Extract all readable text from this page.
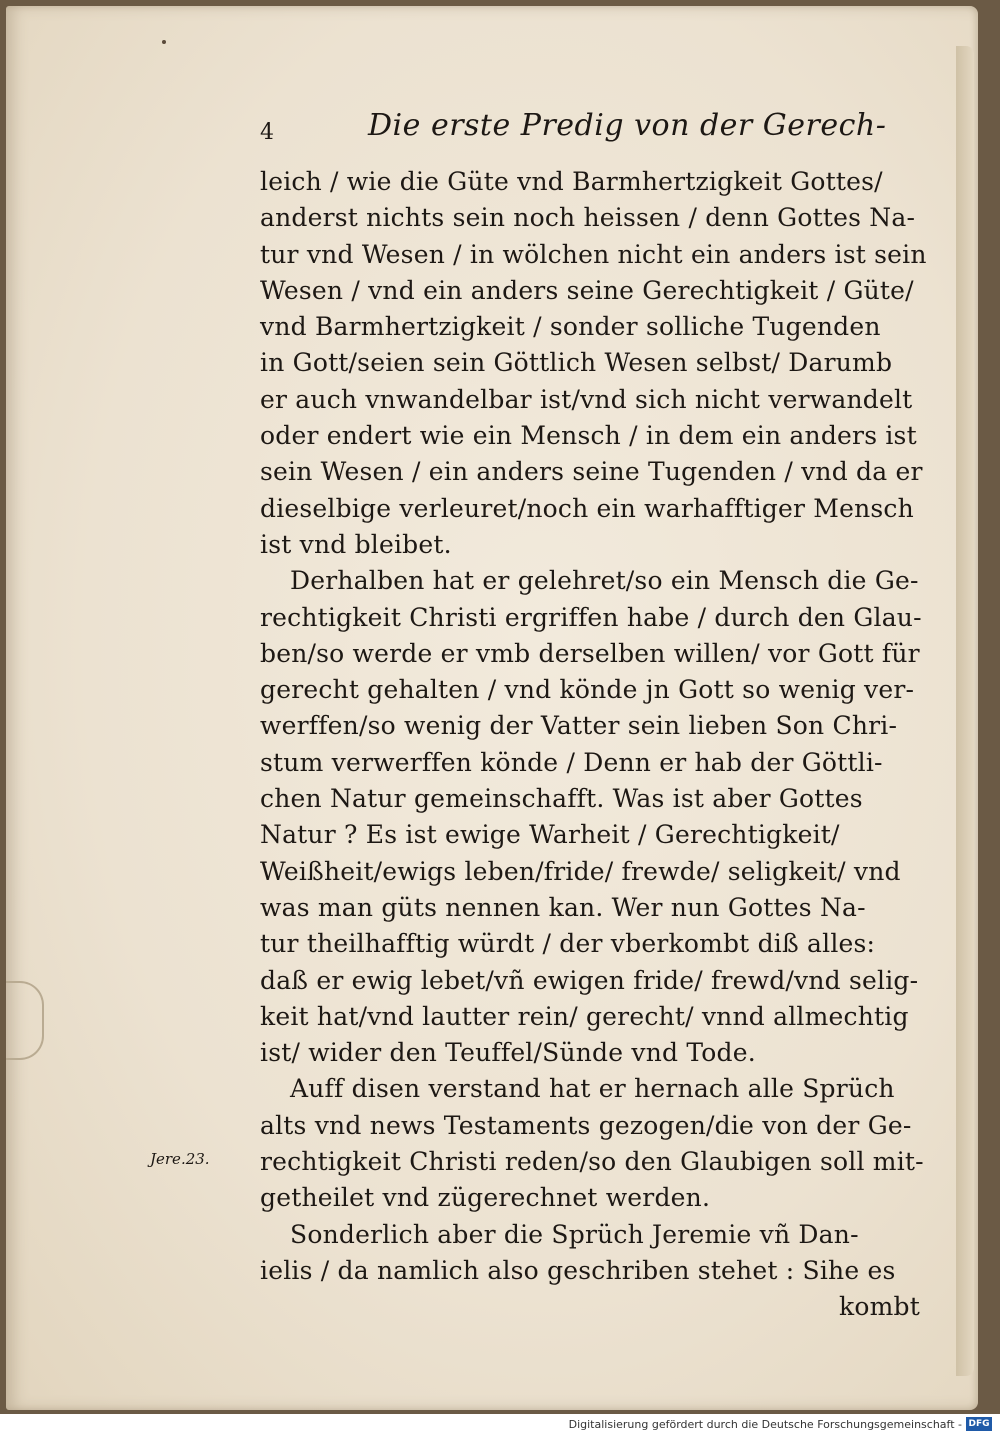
4	Die erste Predig von der Gerech-
leich / wie die Güte vnd Barmhertzigkeit Gottes/
anderst nichts sein noch heissen / denn Gottes Na-
tur vnd Wesen / in wölchen nicht ein anders ist sein
Wesen / vnd ein anders seine Gerechtigkeit / Güte/
vnd Barmhertzigkeit / sonder solliche Tugenden
in Gott/seien sein Göttlich Wesen selbst/ Darumb
er auch vnwandelbar ist/vnd sich nicht verwandelt
oder endert wie ein Mensch / in dem ein anders ist
sein Wesen / ein anders seine Tugenden / vnd da er
dieselbige verleuret/noch ein warhafftiger Mensch
ist vnd bleibet.
Derhalben hat er gelehret/so ein Mensch die Ge-
rechtigkeit Christi ergriffen habe / durch den Glau-
ben/so werde er vmb derselben willen/ vor Gott für
gerecht gehalten / vnd könde jn Gott so wenig ver-
werffen/so wenig der Vatter sein lieben Son Chri-
stum verwerffen könde / Denn er hab der Göttli-
chen Natur gemeinschafft. Was ist aber Gottes
Natur ? Es ist ewige Warheit / Gerechtigkeit/
Weißheit/ewigs leben/fride/ frewde/ seligkeit/ vnd
was man güts nennen kan. Wer nun Gottes Na-
tur theilhafftig würdt / der vberkombt diß alles:
daß er ewig lebet/vñ ewigen fride/ frewd/vnd selig-
keit hat/vnd lautter rein/ gerecht/ vnnd allmechtig
ist/ wider den Teuffel/Sünde vnd Tode.
Auff disen verstand hat er hernach alle Sprüch
alts vnd news Testaments gezogen/die von der Ge-
rechtigkeit Christi reden/so den Glaubigen soll mit-
getheilet vnd zügerechnet werden.
Sonderlich aber die Sprüch Jeremie vñ Dan-
ielis / da namlich also geschriben stehet : Sihe es
kombt
Jere.23.
Digitalisierung gefördert durch die Deutsche Forschungsgemeinschaft - DFG
